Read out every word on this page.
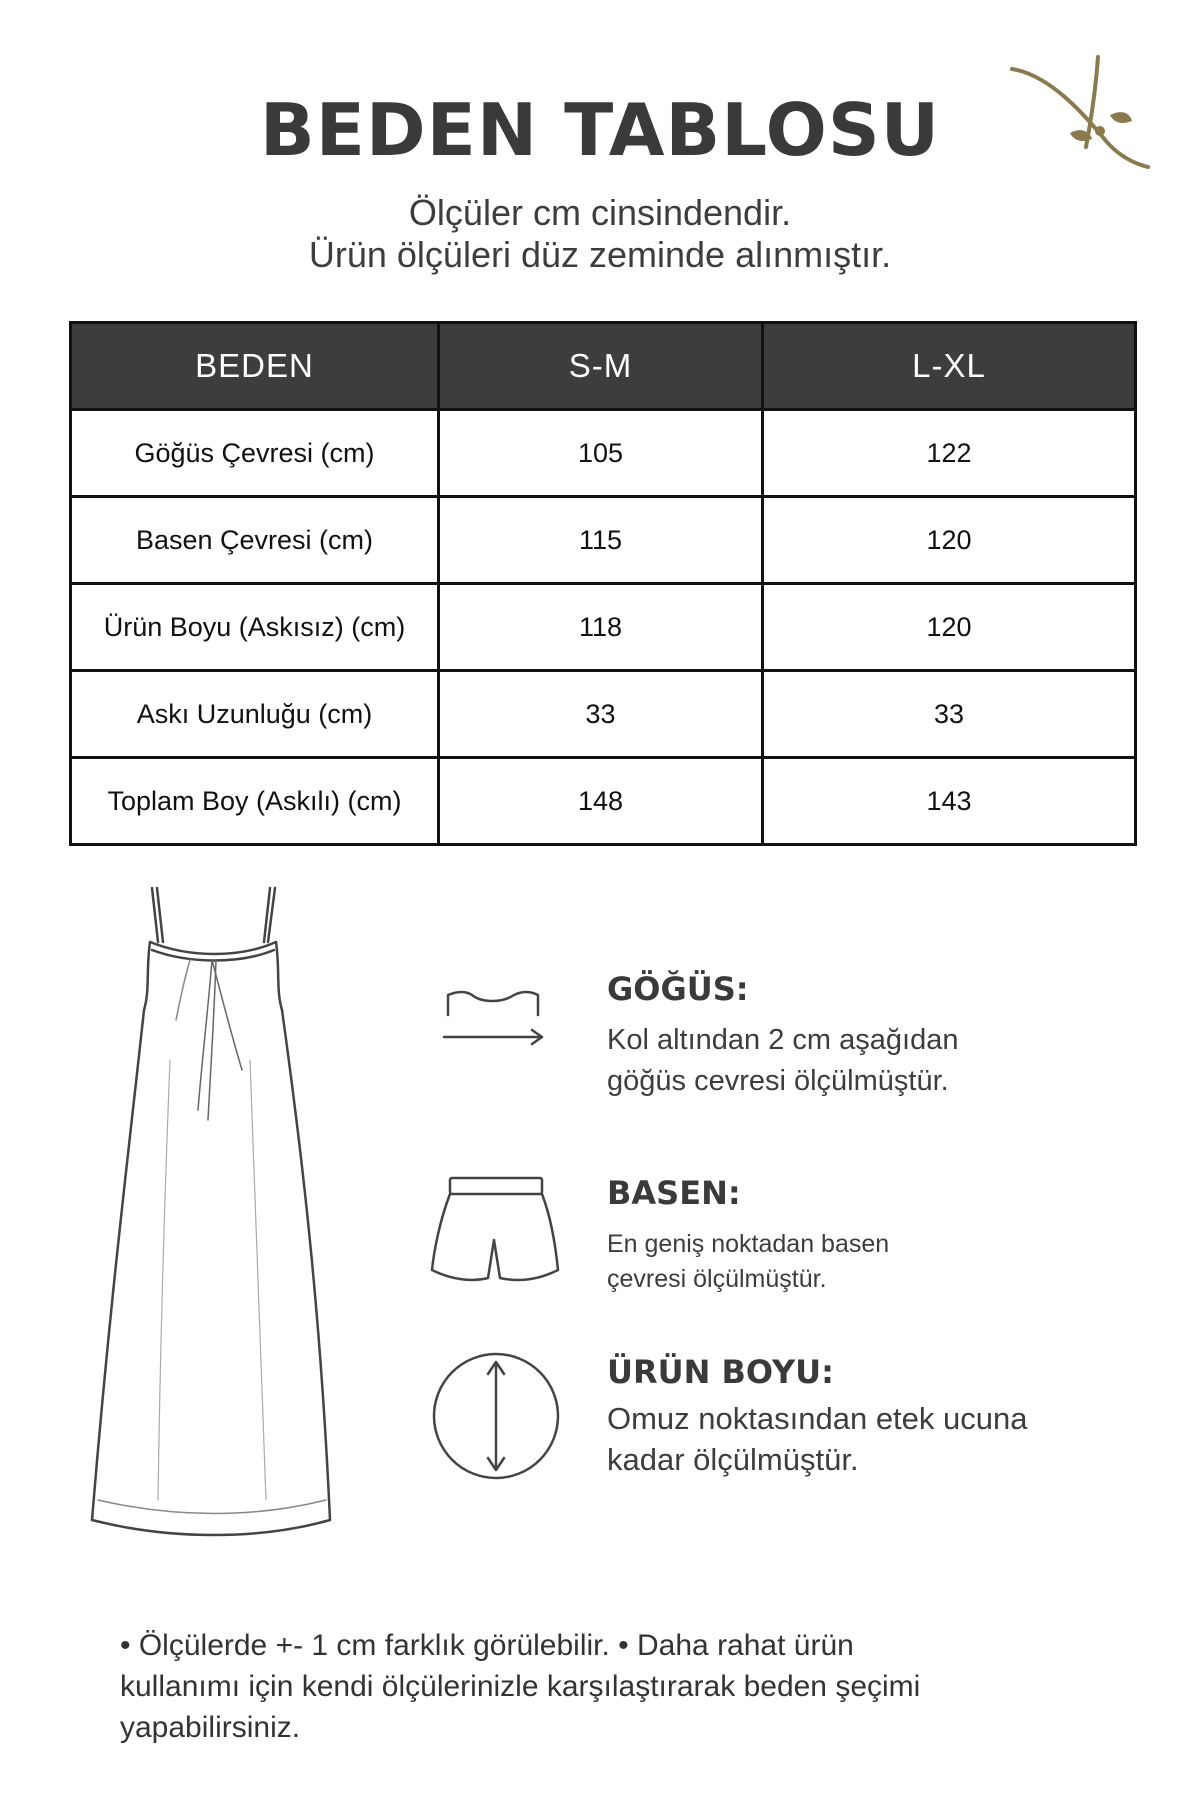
BEDEN TABLOSU
Ölçüler cm cinsindendir.
Ürün ölçüleri düz zeminde alınmıştır.
BEDEN	S-M	L-XL
Göğüs Çevresi (cm)	105	122
Basen Çevresi (cm)	115	120
Ürün Boyu (Askısız) (cm)	118	120
Askı Uzunluğu (cm)	33	33
Toplam Boy (Askılı) (cm)	148	143
GÖĞÜS:
Kol altından 2 cm aşağıdan
göğüs cevresi ölçülmüştür.
BASEN:
En geniş noktadan basen
çevresi ölçülmüştür.
ÜRÜN BOYU:
Omuz noktasından etek ucuna
kadar ölçülmüştür.
• Ölçülerde +- 1 cm farklık görülebilir. • Daha rahat ürün
kullanımı için kendi ölçülerinizle karşılaştırarak beden şeçimi
yapabilirsiniz.
